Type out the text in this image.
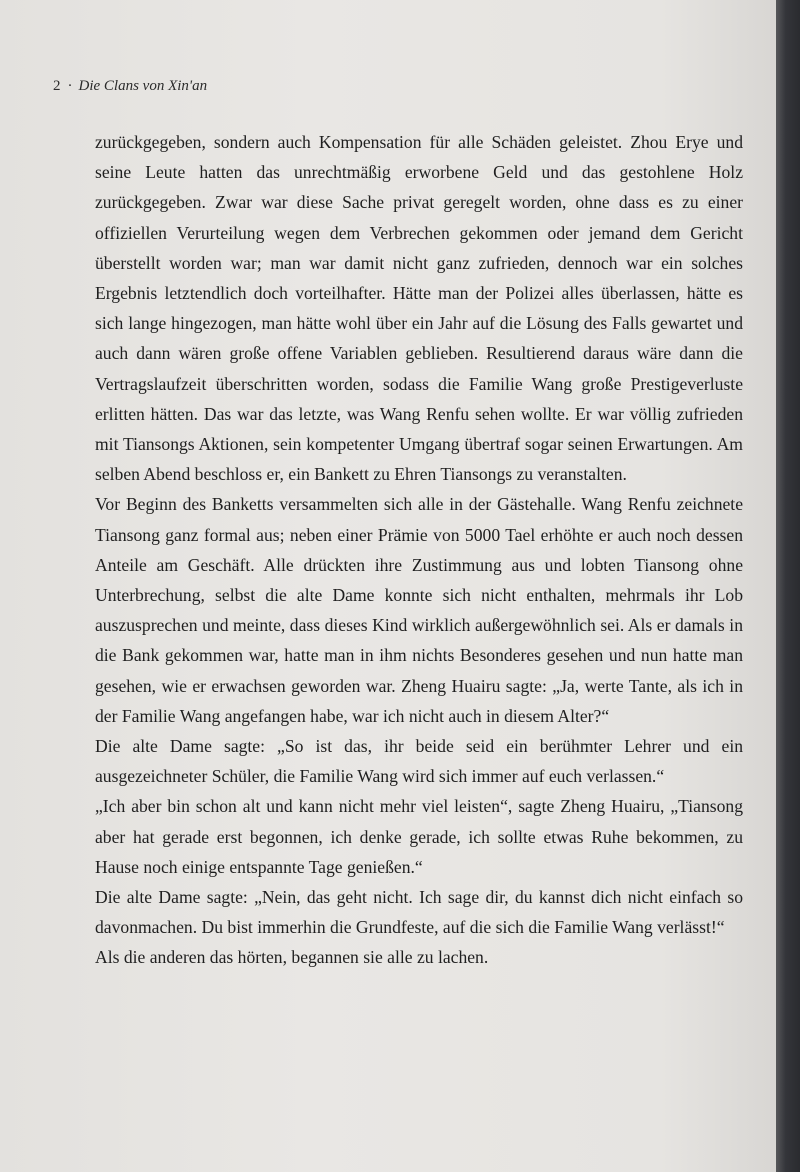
2 · Die Clans von Xin'an

zurückgegeben, sondern auch Kompensation für alle Schäden geleistet. Zhou Erye und seine Leute hatten das unrechtmäßig erworbene Geld und das gestohlene Holz zurückgegeben. Zwar war diese Sache privat geregelt worden, ohne dass es zu einer offiziellen Verurteilung wegen dem Verbrechen gekommen oder jemand dem Gericht überstellt worden war; man war damit nicht ganz zufrieden, dennoch war ein solches Ergebnis letztendlich doch vorteilhafter. Hätte man der Polizei alles überlassen, hätte es sich lange hingezogen, man hätte wohl über ein Jahr auf die Lösung des Falls gewartet und auch dann wären große offene Variablen geblieben. Resultierend daraus wäre dann die Vertragslaufzeit überschritten worden, sodass die Familie Wang große Prestigeverluste erlitten hätten. Das war das letzte, was Wang Renfu sehen wollte. Er war völlig zufrieden mit Tiansongs Aktionen, sein kompetenter Umgang übertraf sogar seinen Erwartungen. Am selben Abend beschloss er, ein Bankett zu Ehren Tiansongs zu veranstalten.

Vor Beginn des Banketts versammelten sich alle in der Gästehalle. Wang Renfu zeichnete Tiansong ganz formal aus; neben einer Prämie von 5000 Tael erhöhte er auch noch dessen Anteile am Geschäft. Alle drückten ihre Zustimmung aus und lobten Tiansong ohne Unterbrechung, selbst die alte Dame konnte sich nicht enthalten, mehrmals ihr Lob auszusprechen und meinte, dass dieses Kind wirklich außergewöhnlich sei. Als er damals in die Bank gekommen war, hatte man in ihm nichts Besonderes gesehen und nun hatte man gesehen, wie er erwachsen geworden war. Zheng Huairu sagte: „Ja, werte Tante, als ich in der Familie Wang angefangen habe, war ich nicht auch in diesem Alter?“

Die alte Dame sagte: „So ist das, ihr beide seid ein berühmter Lehrer und ein ausgezeichneter Schüler, die Familie Wang wird sich immer auf euch verlassen.“

„Ich aber bin schon alt und kann nicht mehr viel leisten“, sagte Zheng Huairu, „Tiansong aber hat gerade erst begonnen, ich denke gerade, ich sollte etwas Ruhe bekommen, zu Hause noch einige entspannte Tage genießen.“

Die alte Dame sagte: „Nein, das geht nicht. Ich sage dir, du kannst dich nicht einfach so davonmachen. Du bist immerhin die Grundfeste, auf die sich die Familie Wang verlässt!“

Als die anderen das hörten, begannen sie alle zu lachen.
